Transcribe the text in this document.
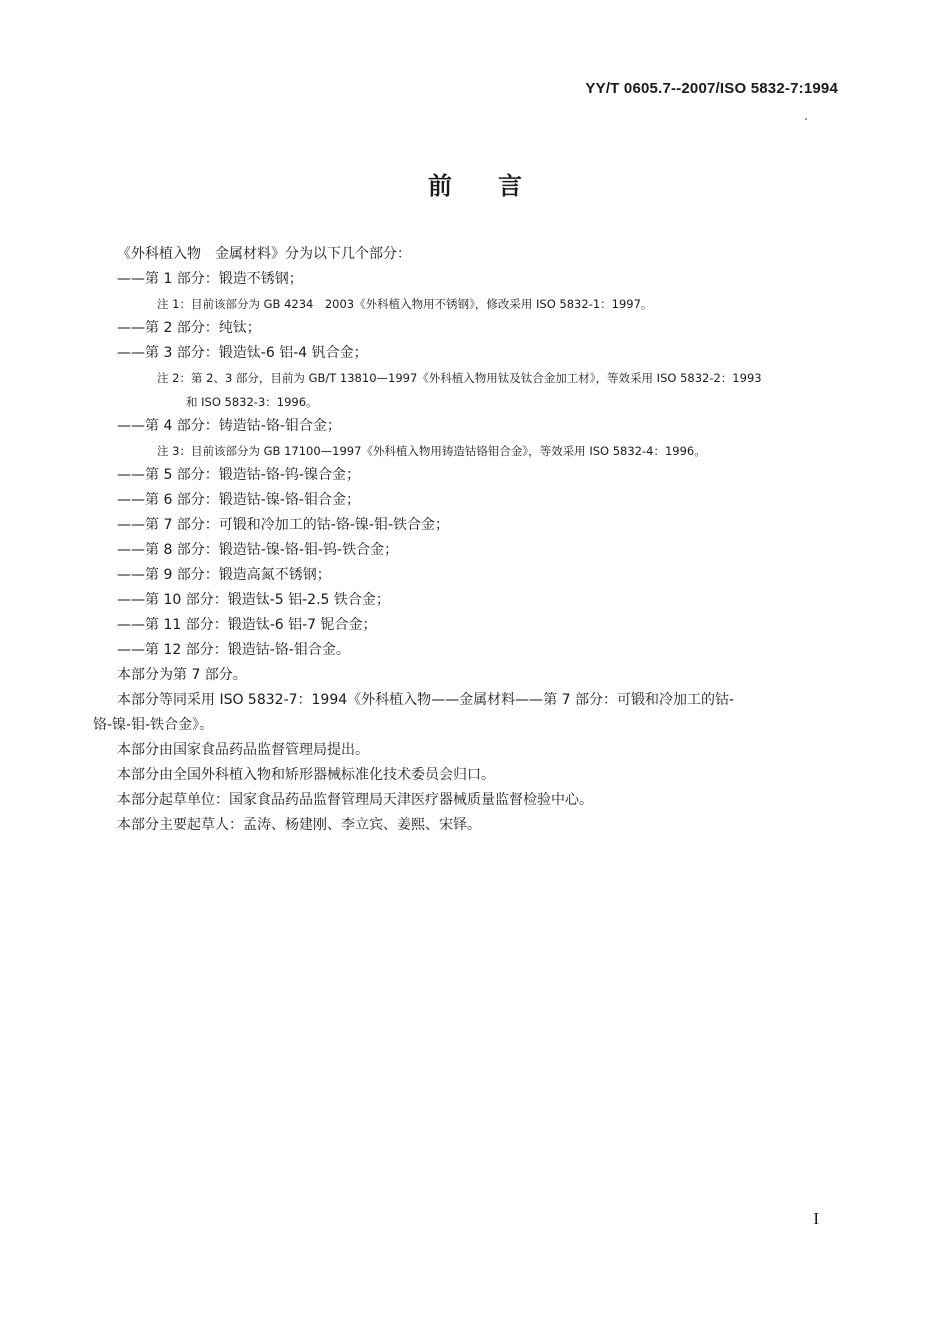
YY/T 0605.7--2007/ISO 5832-7:1994
前言
《外科植入物　金属材料》分为以下几个部分：
——第 1 部分：锻造不锈钢；
注 1：目前该部分为 GB 4234　2003《外科植入物用不锈钢》，修改采用 ISO 5832-1：1997。
——第 2 部分：纯钛；
——第 3 部分：锻造钛-6 铝-4 钒合金；
注 2：第 2、3 部分，目前为 GB/T 13810—1997《外科植入物用钛及钛合金加工材》，等效采用 ISO 5832-2：1993
和 ISO 5832-3：1996。
——第 4 部分：铸造钴-铬-钼合金；
注 3：目前该部分为 GB 17100—1997《外科植入物用铸造钴铬钼合金》，等效采用 ISO 5832-4：1996。
——第 5 部分：锻造钴-铬-钨-镍合金；
——第 6 部分：锻造钴-镍-铬-钼合金；
——第 7 部分：可锻和冷加工的钴-铬-镍-钼-铁合金；
——第 8 部分：锻造钴-镍-铬-钼-钨-铁合金；
——第 9 部分：锻造高氮不锈钢；
——第 10 部分：锻造钛-5 铝-2.5 铁合金；
——第 11 部分：锻造钛-6 铝-7 铌合金；
——第 12 部分：锻造钴-铬-钼合金。
本部分为第 7 部分。
本部分等同采用 ISO 5832-7：1994《外科植入物——金属材料——第 7 部分：可锻和冷加工的钴-
铬-镍-钼-铁合金》。
本部分由国家食品药品监督管理局提出。
本部分由全国外科植入物和矫形器械标准化技术委员会归口。
本部分起草单位：国家食品药品监督管理局天津医疗器械质量监督检验中心。
本部分主要起草人：孟涛、杨建刚、李立宾、姜熙、宋铎。
I
